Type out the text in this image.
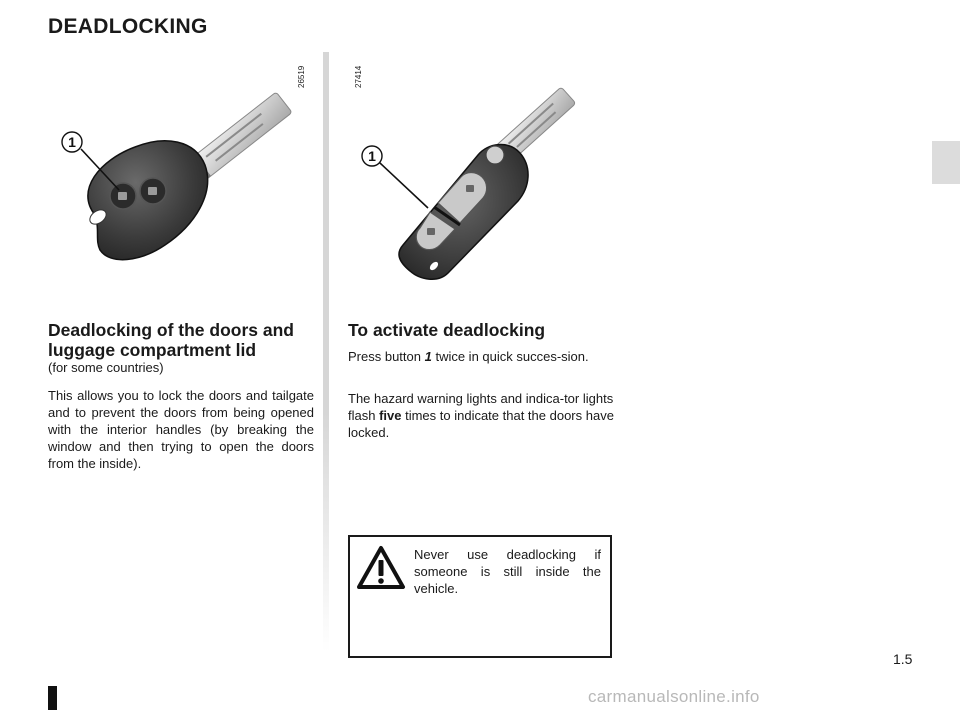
DEADLOCKING
26519	27414
1
1
Deadlocking of the doors and luggage compartment lid
(for some countries)
This allows you to lock the doors and tailgate and to prevent the doors from being opened with the interior handles (by breaking the window and then trying to open the doors from the inside).
To activate deadlocking
Press button 1 twice in quick succes-sion.
The hazard warning lights and indica-tor lights flash five times to indicate that the doors have locked.
Never use deadlocking if someone is still inside the vehicle.
1.5
carmanualsonline.info
